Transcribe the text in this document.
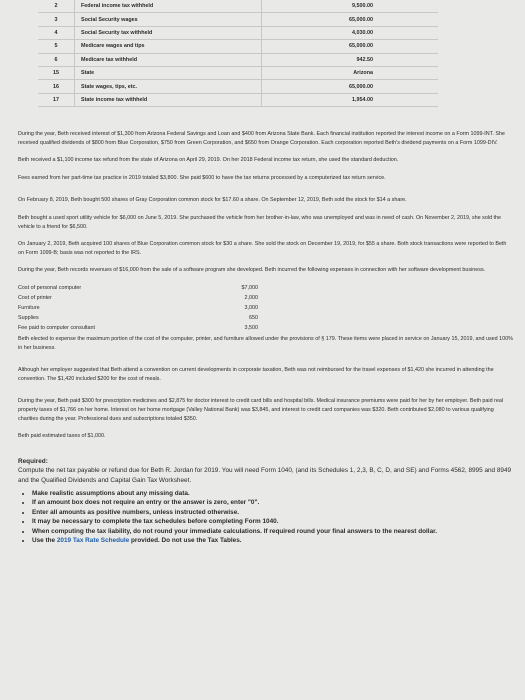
2	Federal income tax withheld	9,500.00
3	Social Security wages	65,000.00
4	Social Security tax withheld	4,030.00
5	Medicare wages and tips	65,000.00
6	Medicare tax withheld	942.50
15	State	Arizona
16	State wages, tips, etc.	65,000.00
17	State income tax withheld	1,954.00

During the year, Beth received interest of $1,300 from Arizona Federal Savings and Loan and $400 from Arizona State Bank. Each financial institution reported the interest income on a Form 1099-INT. She received qualified dividends of $800 from Blue Corporation, $750 from Green Corporation, and $650 from Orange Corporation. Each corporation reported Beth's dividend payments on a Form 1099-DIV.

Beth received a $1,100 income tax refund from the state of Arizona on April 29, 2019. On her 2018 Federal income tax return, she used the standard deduction.

Fees earned from her part-time tax practice in 2019 totaled $3,800. She paid $600 to have the tax returns processed by a computerized tax return service.

On February 8, 2019, Beth bought 500 shares of Gray Corporation common stock for $17.60 a share. On September 12, 2019, Beth sold the stock for $14 a share.

Beth bought a used sport utility vehicle for $6,000 on June 5, 2019. She purchased the vehicle from her brother-in-law, who was unemployed and was in need of cash. On November 2, 2019, she sold the vehicle to a friend for $6,500.

On January 2, 2019, Beth acquired 100 shares of Blue Corporation common stock for $30 a share. She sold the stock on December 19, 2019, for $55 a share. Both stock transactions were reported to Beth on Form 1099-B; basis was not reported to the IRS.

During the year, Beth records revenues of $16,000 from the sale of a software program she developed. Beth incurred the following expenses in connection with her software development business.

Cost of personal computer	$7,000
Cost of printer	2,000
Furniture	3,000
Supplies	650
Fee paid to computer consultant	3,500

Beth elected to expense the maximum portion of the cost of the computer, printer, and furniture allowed under the provisions of § 179. These items were placed in service on January 15, 2019, and used 100% in her business.

Although her employer suggested that Beth attend a convention on current developments in corporate taxation, Beth was not reimbursed for the travel expenses of $1,420 she incurred in attending the convention. The $1,420 included $200 for the cost of meals.

During the year, Beth paid $300 for prescription medicines and $2,875 for doctor interest to credit card bills and hospital bills. Medical insurance premiums were paid for her by her employer. Beth paid real property taxes of $1,766 on her home. Interest on her home mortgage (Valley National Bank) was $3,845, and interest to credit card companies was $320. Beth contributed $2,080 to various qualifying charities during the year. Professional dues and subscriptions totaled $350.

Beth paid estimated taxes of $1,000.

Required:
Compute the net tax payable or refund due for Beth R. Jordan for 2019. You will need Form 1040, (and its Schedules 1, 2,3, B, C, D, and SE) and Forms 4562, 8995 and 8949 and the Qualified Dividends and Capital Gain Tax Worksheet.
• Make realistic assumptions about any missing data.
• If an amount box does not require an entry or the answer is zero, enter "0".
• Enter all amounts as positive numbers, unless instructed otherwise.
• It may be necessary to complete the tax schedules before completing Form 1040.
• When computing the tax liability, do not round your immediate calculations. If required round your final answers to the nearest dollar.
• Use the 2019 Tax Rate Schedule provided. Do not use the Tax Tables.
